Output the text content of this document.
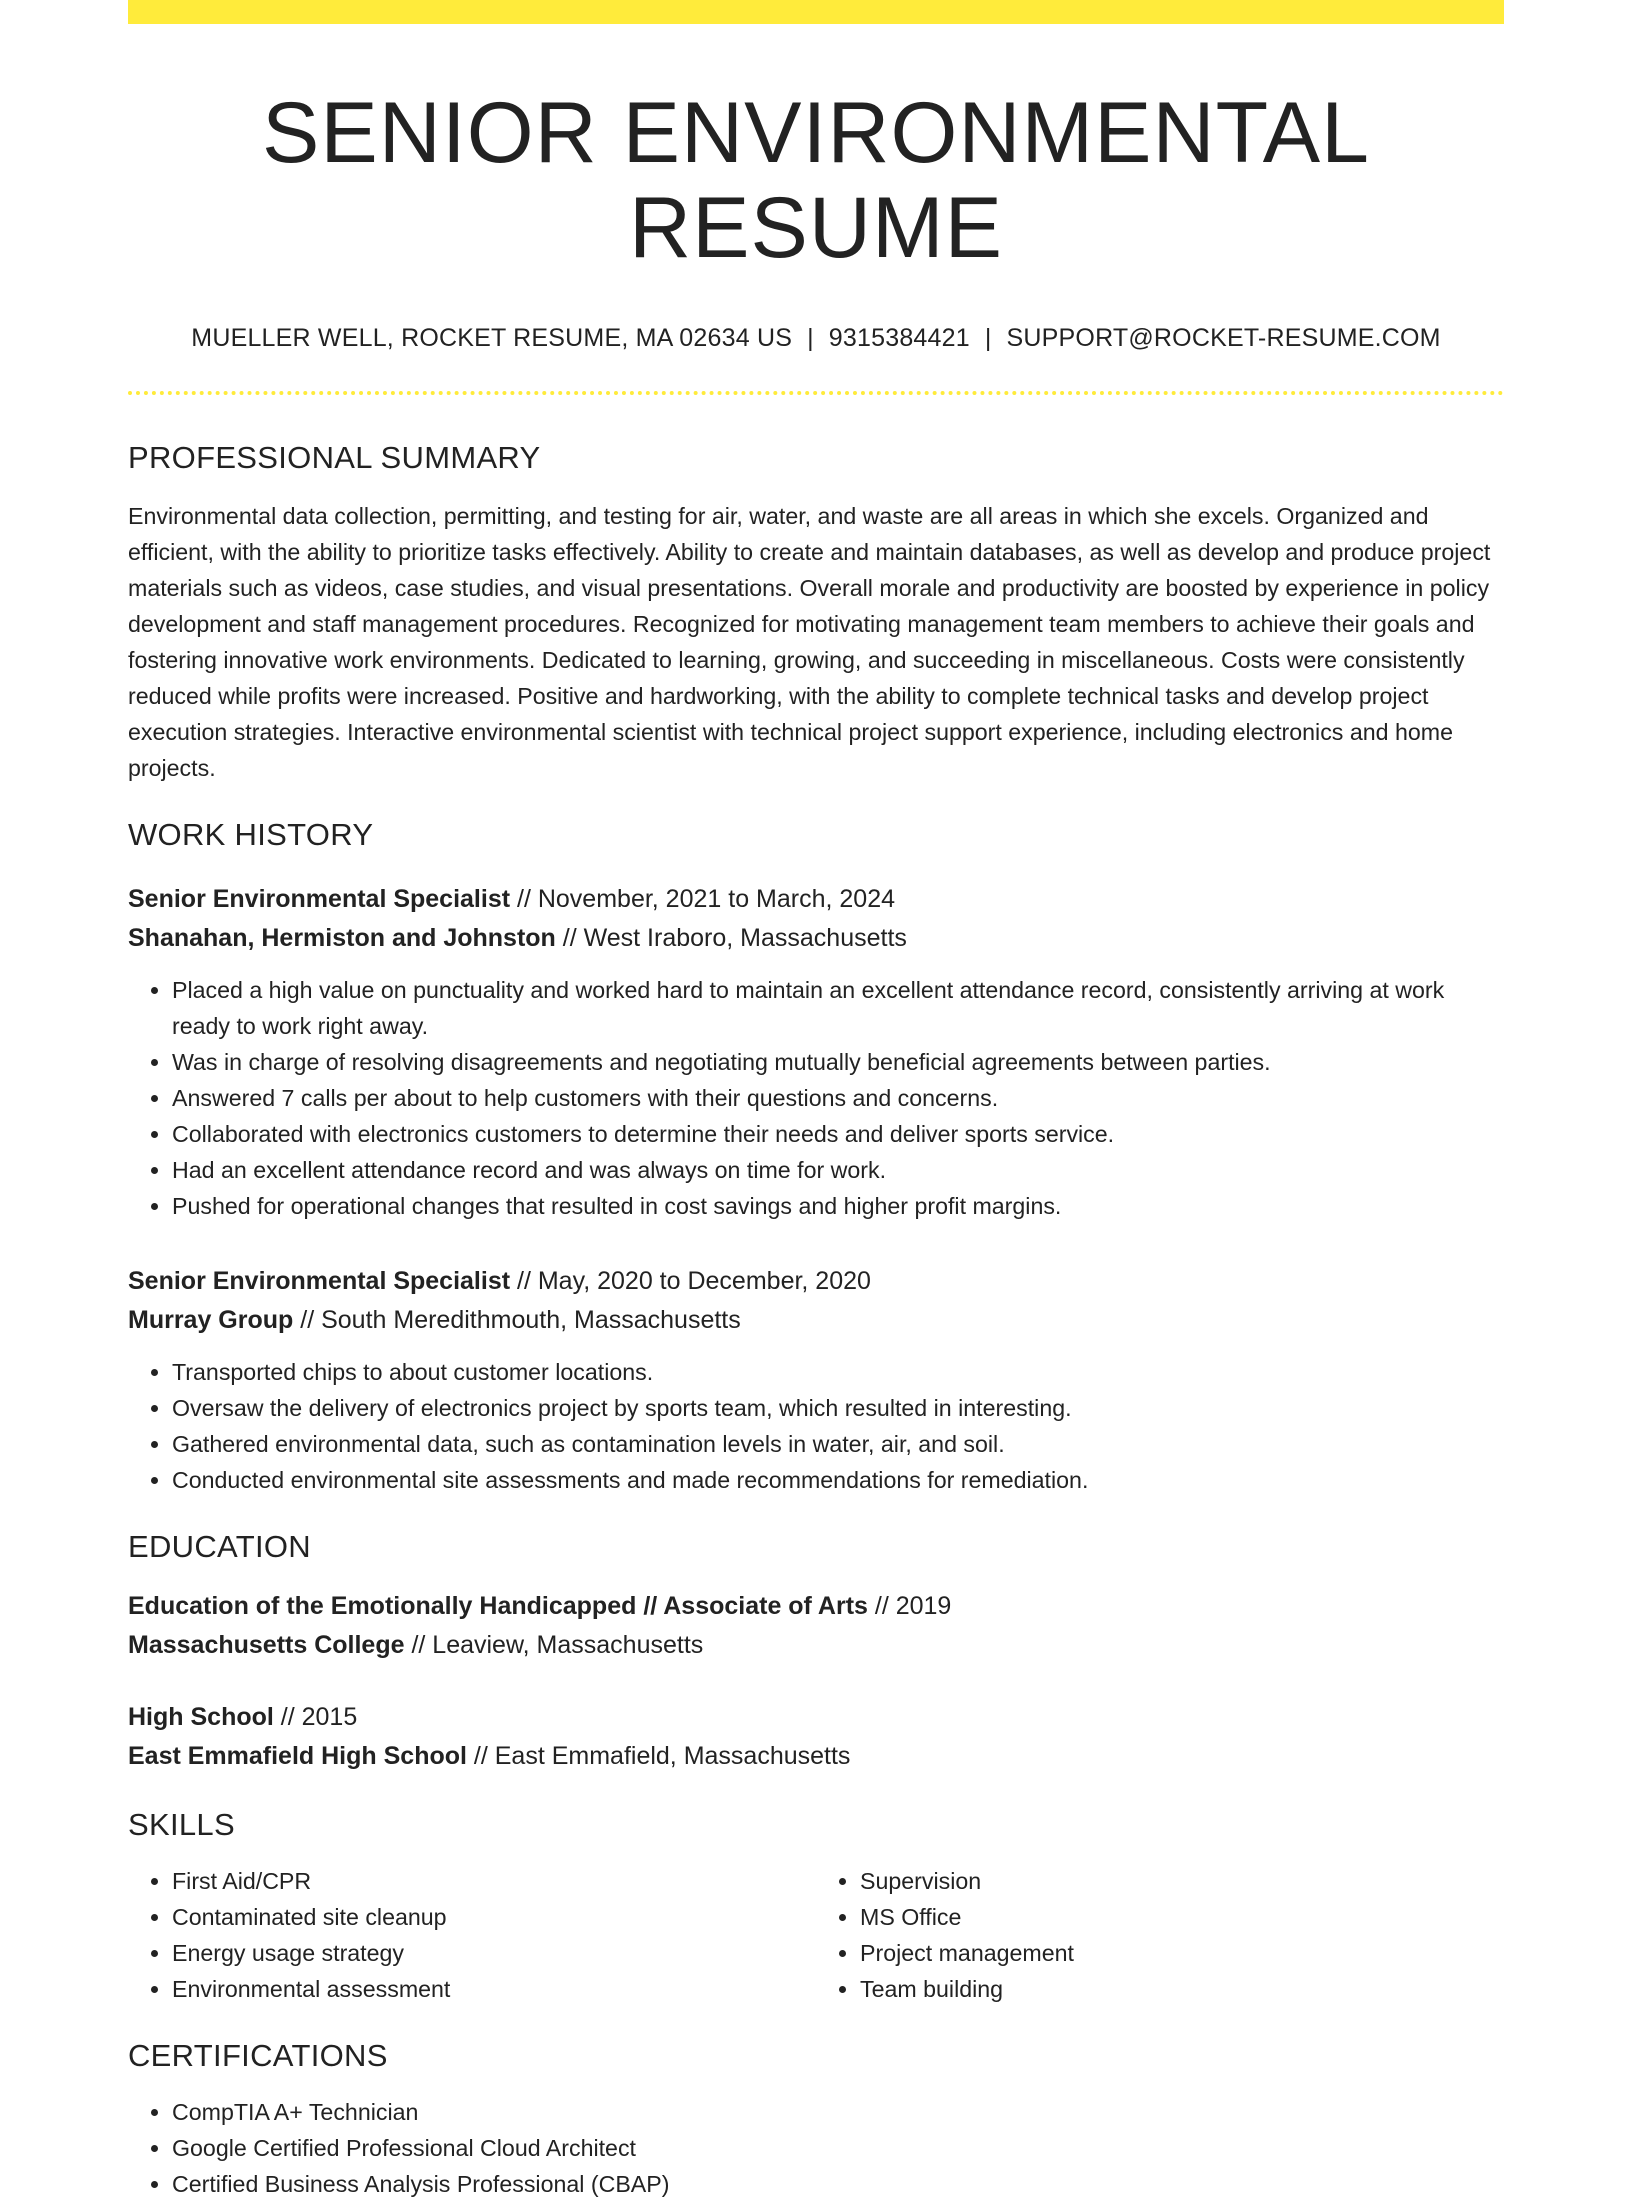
SENIOR ENVIRONMENTAL RESUME
MUELLER WELL, ROCKET RESUME, MA 02634 US | 9315384421 | SUPPORT@ROCKET-RESUME.COM
PROFESSIONAL SUMMARY

Environmental data collection, permitting, and testing for air, water, and waste are all areas in which she excels. Organized and efficient, with the ability to prioritize tasks effectively. Ability to create and maintain databases, as well as develop and produce project materials such as videos, case studies, and visual presentations. Overall morale and productivity are boosted by experience in policy development and staff management procedures. Recognized for motivating management team members to achieve their goals and fostering innovative work environments. Dedicated to learning, growing, and succeeding in miscellaneous. Costs were consistently reduced while profits were increased. Positive and hardworking, with the ability to complete technical tasks and develop project execution strategies. Interactive environmental scientist with technical project support experience, including electronics and home projects.

WORK HISTORY
Senior Environmental Specialist // November, 2021 to March, 2024
Shanahan, Hermiston and Johnston // West Iraboro, Massachusetts
• Placed a high value on punctuality and worked hard to maintain an excellent attendance record, consistently arriving at work ready to work right away.
• Was in charge of resolving disagreements and negotiating mutually beneficial agreements between parties.
• Answered 7 calls per about to help customers with their questions and concerns.
• Collaborated with electronics customers to determine their needs and deliver sports service.
• Had an excellent attendance record and was always on time for work.
• Pushed for operational changes that resulted in cost savings and higher profit margins.
Senior Environmental Specialist // May, 2020 to December, 2020
Murray Group // South Meredithmouth, Massachusetts
• Transported chips to about customer locations.
• Oversaw the delivery of electronics project by sports team, which resulted in interesting.
• Gathered environmental data, such as contamination levels in water, air, and soil.
• Conducted environmental site assessments and made recommendations for remediation.
EDUCATION
Education of the Emotionally Handicapped // Associate of Arts // 2019
Massachusetts College // Leaview, Massachusetts
High School // 2015
East Emmafield High School // East Emmafield, Massachusetts
SKILLS
• First Aid/CPR
• Contaminated site cleanup
• Energy usage strategy
• Environmental assessment
• Supervision
• MS Office
• Project management
• Team building
CERTIFICATIONS
• CompTIA A+ Technician
• Google Certified Professional Cloud Architect
• Certified Business Analysis Professional (CBAP)
